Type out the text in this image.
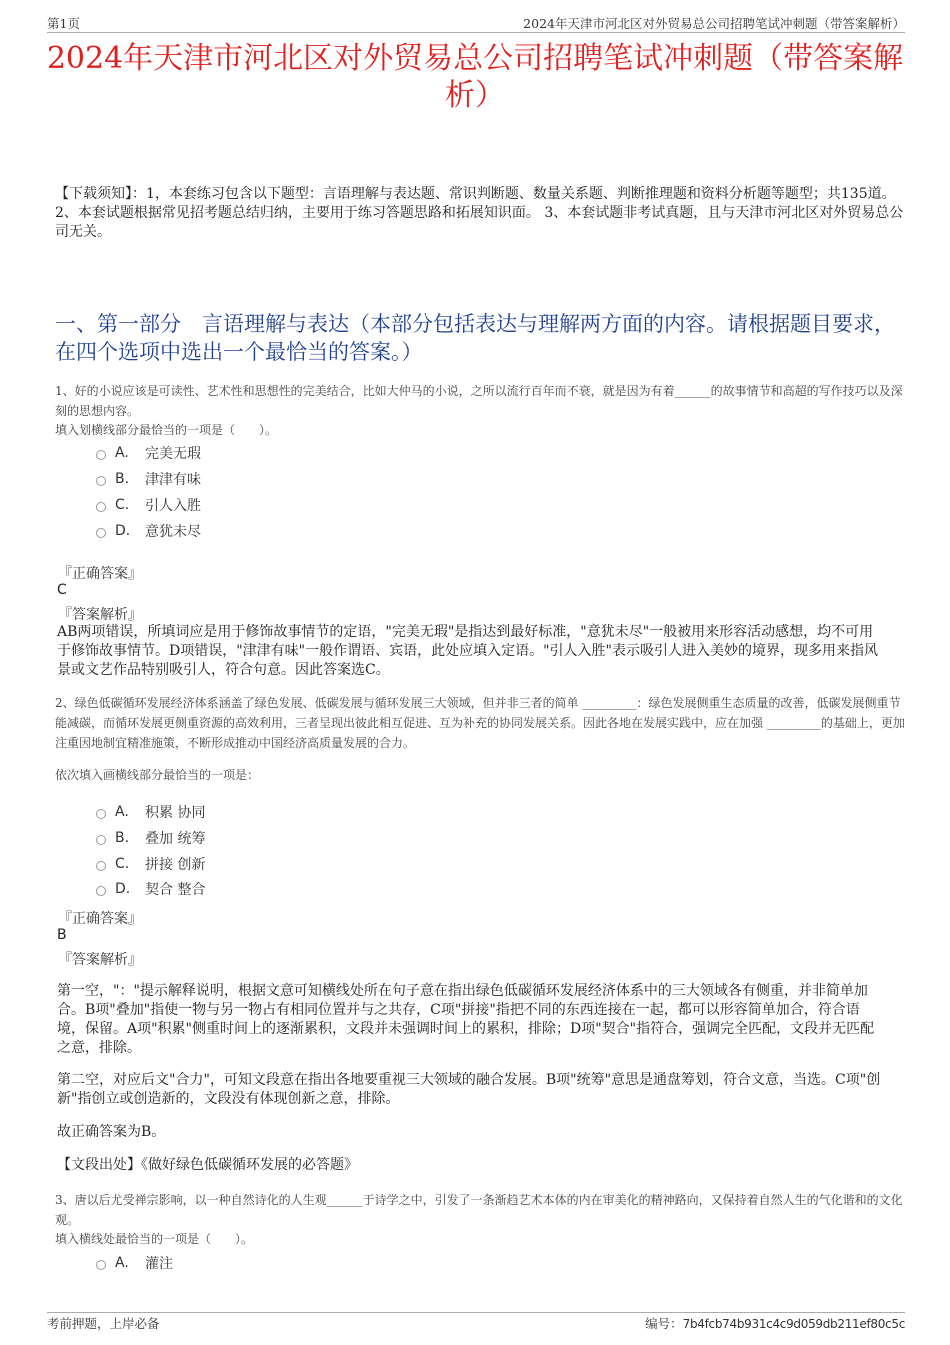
第1页	2024年天津市河北区对外贸易总公司招聘笔试冲刺题（带答案解析）
2024年天津市河北区对外贸易总公司招聘笔试冲刺题（带答案解析）
【下载须知】：1，本套练习包含以下题型：言语理解与表达题、常识判断题、数量关系题、判断推理题和资料分析题等题型；共135道。 2、本套试题根据常见招考题总结归纳，主要用于练习答题思路和拓展知识面。 3、本套试题非考试真题，且与天津市河北区对外贸易总公司无关。
一、第一部分　言语理解与表达（本部分包括表达与理解两方面的内容。请根据题目要求，在四个选项中选出一个最恰当的答案。）
1、好的小说应该是可读性、艺术性和思想性的完美结合，比如大仲马的小说，之所以流行百年而不衰，就是因为有着______的故事情节和高超的写作技巧以及深刻的思想内容。
填入划横线部分最恰当的一项是（　　）。
A.	完美无瑕
B.	津津有味
C.	引人入胜
D.	意犹未尽
『正确答案』
C
『答案解析』
AB两项错误，所填词应是用于修饰故事情节的定语，"完美无瑕"是指达到最好标准，"意犹未尽"一般被用来形容活动感想，均不可用于修饰故事情节。D项错误，"津津有味"一般作谓语、宾语，此处应填入定语。"引人入胜"表示吸引人进入美妙的境界，现多用来指风景或文艺作品特别吸引人，符合句意。因此答案选C。
2、绿色低碳循环发展经济体系涵盖了绿色发展、低碳发展与循环发展三大领域，但并非三者的简单 _________：绿色发展侧重生态质量的改善，低碳发展侧重节能减碳，而循环发展更侧重资源的高效利用，三者呈现出彼此相互促进、互为补充的协同发展关系。因此各地在发展实践中，应在加强 _________的基础上，更加注重因地制宜精准施策，不断形成推动中国经济高质量发展的合力。
依次填入画横线部分最恰当的一项是：
A.	积累 协同
B.	叠加 统筹
C.	拼接 创新
D.	契合 整合
『正确答案』
B
『答案解析』
第一空，"："提示解释说明，根据文意可知横线处所在句子意在指出绿色低碳循环发展经济体系中的三大领域各有侧重，并非简单加合。B项"叠加"指使一物与另一物占有相同位置并与之共存，C项"拼接"指把不同的东西连接在一起，都可以形容简单加合，符合语境，保留。A项"积累"侧重时间上的逐渐累积，文段并未强调时间上的累积，排除；D项"契合"指符合，强调完全匹配，文段并无匹配之意，排除。
第二空，对应后文"合力"，可知文段意在指出各地要重视三大领域的融合发展。B项"统筹"意思是通盘筹划，符合文意，当选。C项"创新"指创立或创造新的，文段没有体现创新之意，排除。
故正确答案为B。
【文段出处】《做好绿色低碳循环发展的必答题》
3、唐以后尤受禅宗影响，以一种自然诗化的人生观______于诗学之中，引发了一条渐趋艺术本体的内在审美化的精神路向，又保持着自然人生的气化谐和的文化观。
填入横线处最恰当的一项是（　　）。
A.	灌注
考前押题，上岸必备	编号：7b4fcb74b931c4c9d059db211ef80c5c
